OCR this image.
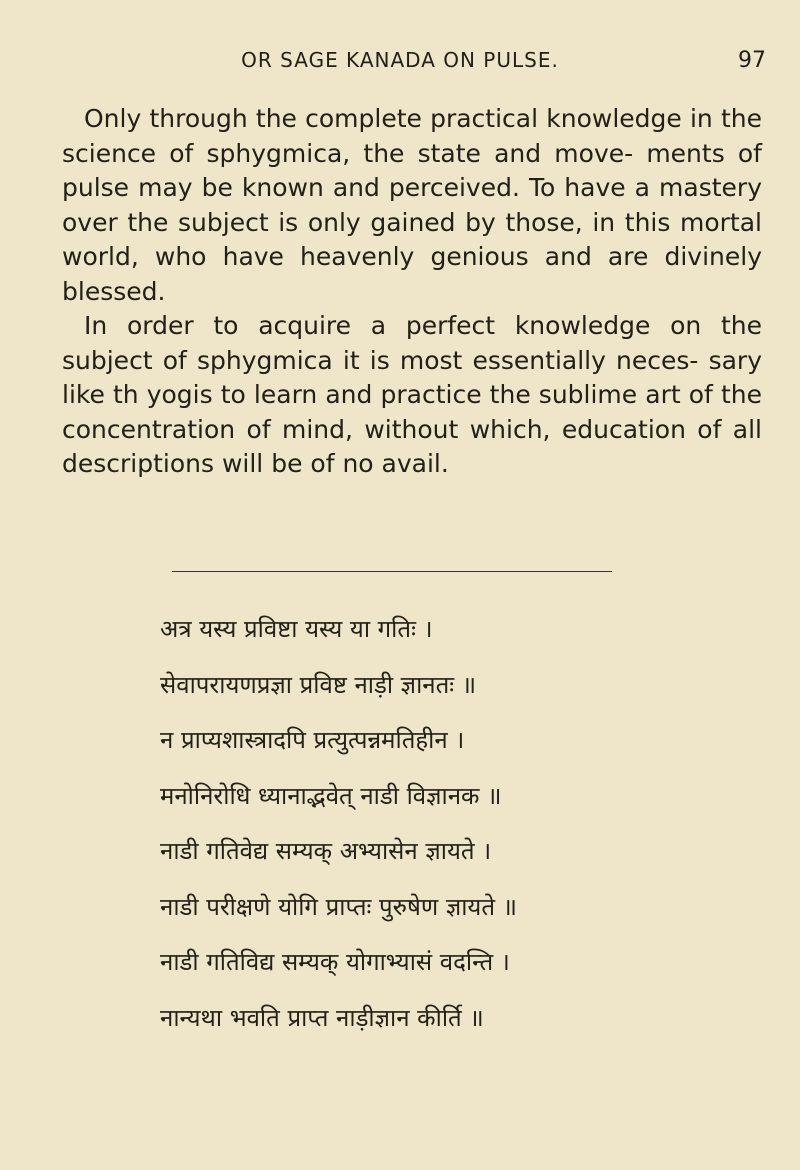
OR SAGE KANADA ON PULSE.	97

Only through the complete practical knowledge in the science of sphygmica, the state and move- ments of pulse may be known and perceived. To have a mastery over the subject is only gained by those, in this mortal world, who have heavenly genious and are divinely blessed.

In order to acquire a perfect knowledge on the subject of sphygmica it is most essentially neces- sary like th yogis to learn and practice the sublime art of the concentration of mind, without which, education of all descriptions will be of no avail.

अत्र यस्य प्रविष्टा यस्य या गतिः ।
सेवापरायणप्रज्ञा प्रविष्ट नाड़ी ज्ञानतः ॥
न प्राप्यशास्त्रादपि प्रत्युत्पन्नमतिहीन ।
मनोनिरोधि ध्यानाद्भवेत् नाडी विज्ञानक ॥
नाडी गतिवेद्य सम्यक् अभ्यासेन ज्ञायते ।
नाडी परीक्षणे योगि प्राप्तः पुरुषेण ज्ञायते ॥
नाडी गतिविद्य सम्यक् योगाभ्यासं वदन्ति ।
नान्यथा भवति प्राप्त नाड़ीज्ञान कीर्ति ॥
